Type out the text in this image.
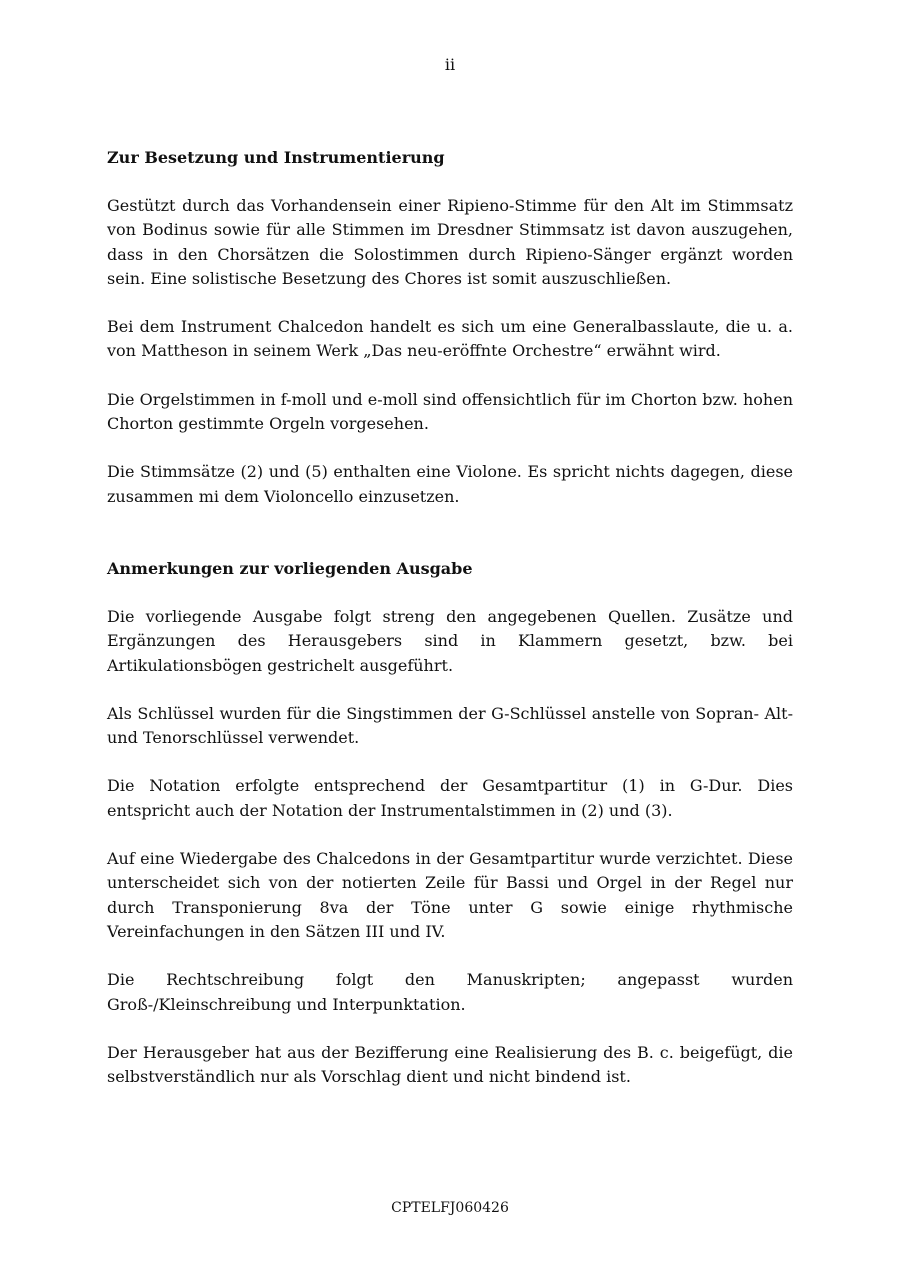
ii
Zur Besetzung und Instrumentierung

Gestützt durch das Vorhandensein einer Ripieno-Stimme für den Alt im Stimmsatz von Bodinus sowie für alle Stimmen im Dresdner Stimmsatz ist davon auszugehen, dass in den Chorsätzen die Solostimmen durch Ripieno-Sänger ergänzt worden sein. Eine solistische Besetzung des Chores ist somit auszuschließen.

Bei dem Instrument Chalcedon handelt es sich um eine Generalbasslaute, die u. a. von Mattheson in seinem Werk „Das neu-eröffnte Orchestre“ erwähnt wird.

Die Orgelstimmen in f-moll und e-moll sind offensichtlich für im Chorton bzw. hohen Chorton gestimmte Orgeln vorgesehen.

Die Stimmsätze (2) und (5) enthalten eine Violone. Es spricht nichts dagegen, diese zusammen mi dem Violoncello einzusetzen.

Anmerkungen zur vorliegenden Ausgabe

Die vorliegende Ausgabe folgt streng den angegebenen Quellen. Zusätze und Ergänzungen des Herausgebers sind in Klammern gesetzt, bzw. bei Artikulationsbögen gestrichelt ausgeführt.

Als Schlüssel wurden für die Singstimmen der G-Schlüssel anstelle von Sopran- Alt- und Tenorschlüssel verwendet.

Die Notation erfolgte entsprechend der Gesamtpartitur (1) in G-Dur. Dies entspricht auch der Notation der Instrumentalstimmen in (2) und (3).

Auf eine Wiedergabe des Chalcedons in der Gesamtpartitur wurde verzichtet. Diese unterscheidet sich von der notierten Zeile für Bassi und Orgel in der Regel nur durch Transponierung 8va der Töne unter G sowie einige rhythmische Vereinfachungen in den Sätzen III und IV.

Die Rechtschreibung folgt den Manuskripten; angepasst wurden Groß-/Kleinschreibung und Interpunktation.

Der Herausgeber hat aus der Bezifferung eine Realisierung des B. c. beigefügt, die selbstverständlich nur als Vorschlag dient und nicht bindend ist.

CPTELFJ060426
